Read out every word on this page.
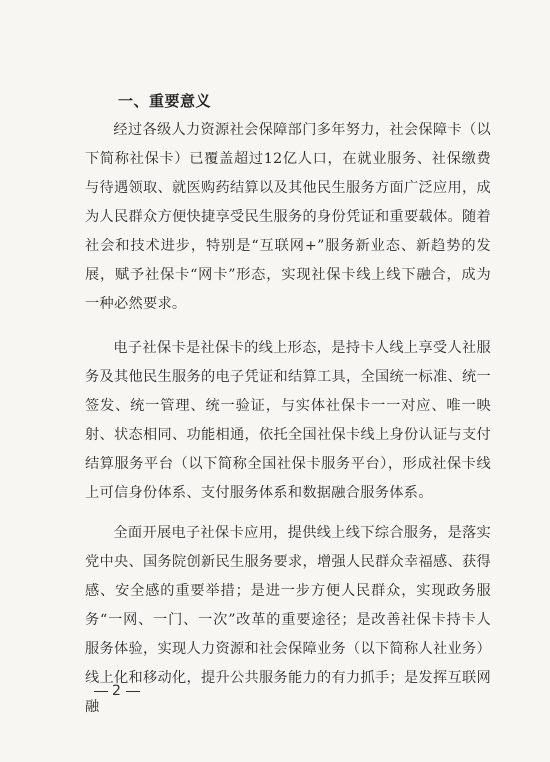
一、重要意义

经过各级人力资源社会保障部门多年努力，社会保障卡（以下简称社保卡）已覆盖超过12亿人口，在就业服务、社保缴费与待遇领取、就医购药结算以及其他民生服务方面广泛应用，成为人民群众方便快捷享受民生服务的身份凭证和重要载体。随着社会和技术进步，特别是“互联网+”服务新业态、新趋势的发展，赋予社保卡“网卡”形态，实现社保卡线上线下融合，成为一种必然要求。

电子社保卡是社保卡的线上形态，是持卡人线上享受人社服务及其他民生服务的电子凭证和结算工具，全国统一标准、统一签发、统一管理、统一验证，与实体社保卡一一对应、唯一映射、状态相同、功能相通，依托全国社保卡线上身份认证与支付结算服务平台（以下简称全国社保卡服务平台），形成社保卡线上可信身份体系、支付服务体系和数据融合服务体系。

全面开展电子社保卡应用，提供线上线下综合服务，是落实党中央、国务院创新民生服务要求，增强人民群众幸福感、获得感、安全感的重要举措；是进一步方便人民群众，实现政务服务“一网、一门、一次”改革的重要途径；是改善社保卡持卡人服务体验，实现人力资源和社会保障业务（以下简称人社业务）线上化和移动化，提升公共服务能力的有力抓手；是发挥互联网融

2
